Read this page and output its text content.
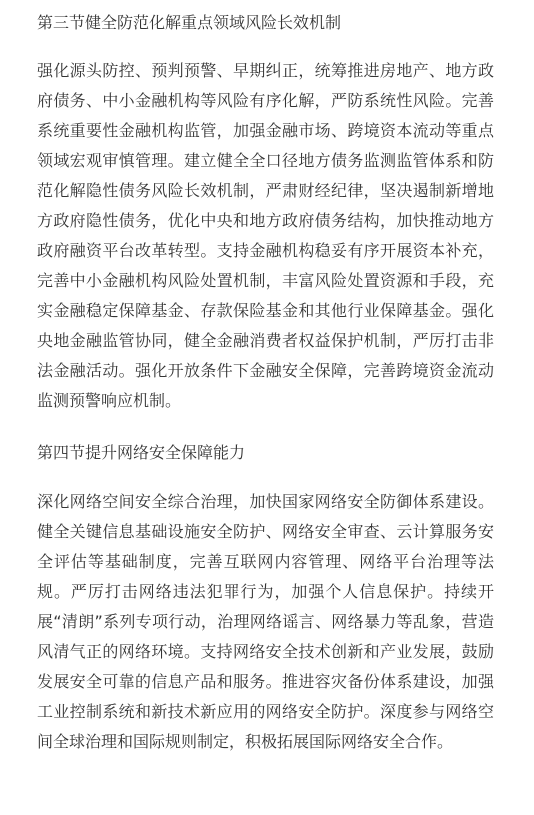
第三节健全防范化解重点领域风险长效机制

强化源头防控、预判预警、早期纠正，统筹推进房地产、地方政府债务、中小金融机构等风险有序化解，严防系统性风险。完善系统重要性金融机构监管，加强金融市场、跨境资本流动等重点领域宏观审慎管理。建立健全全口径地方债务监测监管体系和防范化解隐性债务风险长效机制，严肃财经纪律，坚决遏制新增地方政府隐性债务，优化中央和地方政府债务结构，加快推动地方政府融资平台改革转型。支持金融机构稳妥有序开展资本补充，完善中小金融机构风险处置机制，丰富风险处置资源和手段，充实金融稳定保障基金、存款保险基金和其他行业保障基金。强化央地金融监管协同，健全金融消费者权益保护机制，严厉打击非法金融活动。强化开放条件下金融安全保障，完善跨境资金流动监测预警响应机制。

第四节提升网络安全保障能力

深化网络空间安全综合治理，加快国家网络安全防御体系建设。健全关键信息基础设施安全防护、网络安全审查、云计算服务安全评估等基础制度，完善互联网内容管理、网络平台治理等法规。严厉打击网络违法犯罪行为，加强个人信息保护。持续开展“清朗”系列专项行动，治理网络谣言、网络暴力等乱象，营造风清气正的网络环境。支持网络安全技术创新和产业发展，鼓励发展安全可靠的信息产品和服务。推进容灾备份体系建设，加强工业控制系统和新技术新应用的网络安全防护。深度参与网络空间全球治理和国际规则制定，积极拓展国际网络安全合作。
